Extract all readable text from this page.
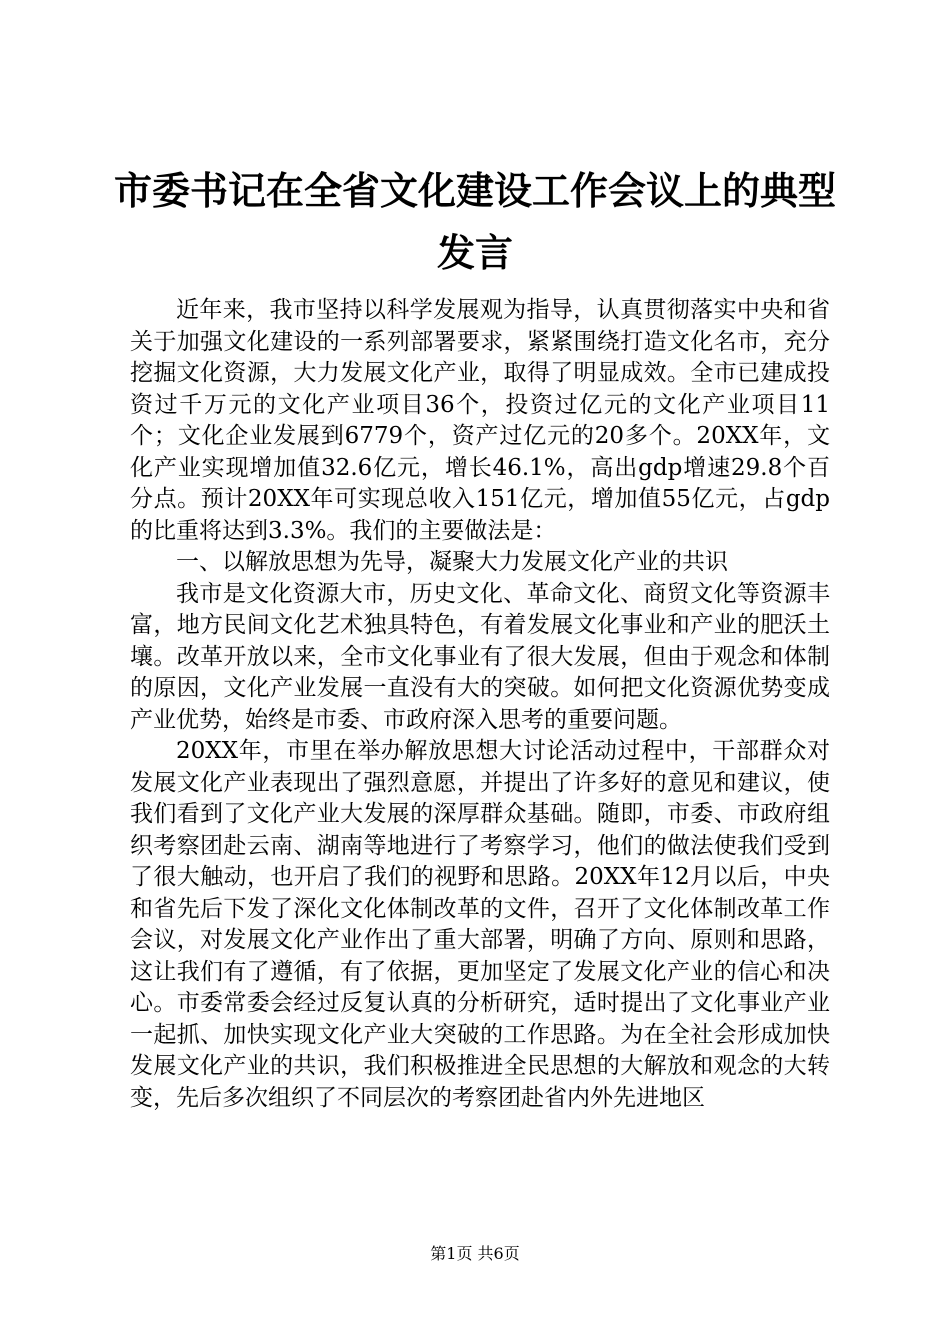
市委书记在全省文化建设工作会议上的典型发言

近年来，我市坚持以科学发展观为指导，认真贯彻落实中央和省关于加强文化建设的一系列部署要求，紧紧围绕打造文化名市，充分挖掘文化资源，大力发展文化产业，取得了明显成效。全市已建成投资过千万元的文化产业项目36个，投资过亿元的文化产业项目11个；文化企业发展到6779个，资产过亿元的20多个。20XX年，文化产业实现增加值32.6亿元，增长46.1%，高出gdp增速29.8个百分点。预计20XX年可实现总收入151亿元，增加值55亿元，占gdp的比重将达到3.3%。我们的主要做法是：

一、以解放思想为先导，凝聚大力发展文化产业的共识

我市是文化资源大市，历史文化、革命文化、商贸文化等资源丰富，地方民间文化艺术独具特色，有着发展文化事业和产业的肥沃土壤。改革开放以来，全市文化事业有了很大发展，但由于观念和体制的原因，文化产业发展一直没有大的突破。如何把文化资源优势变成产业优势，始终是市委、市政府深入思考的重要问题。

20XX年，市里在举办解放思想大讨论活动过程中，干部群众对发展文化产业表现出了强烈意愿，并提出了许多好的意见和建议，使我们看到了文化产业大发展的深厚群众基础。随即，市委、市政府组织考察团赴云南、湖南等地进行了考察学习，他们的做法使我们受到了很大触动，也开启了我们的视野和思路。20XX年12月以后，中央和省先后下发了深化文化体制改革的文件，召开了文化体制改革工作会议，对发展文化产业作出了重大部署，明确了方向、原则和思路，这让我们有了遵循，有了依据，更加坚定了发展文化产业的信心和决心。市委常委会经过反复认真的分析研究，适时提出了文化事业产业一起抓、加快实现文化产业大突破的工作思路。为在全社会形成加快发展文化产业的共识，我们积极推进全民思想的大解放和观念的大转变，先后多次组织了不同层次的考察团赴省内外先进地区

第1页 共6页
